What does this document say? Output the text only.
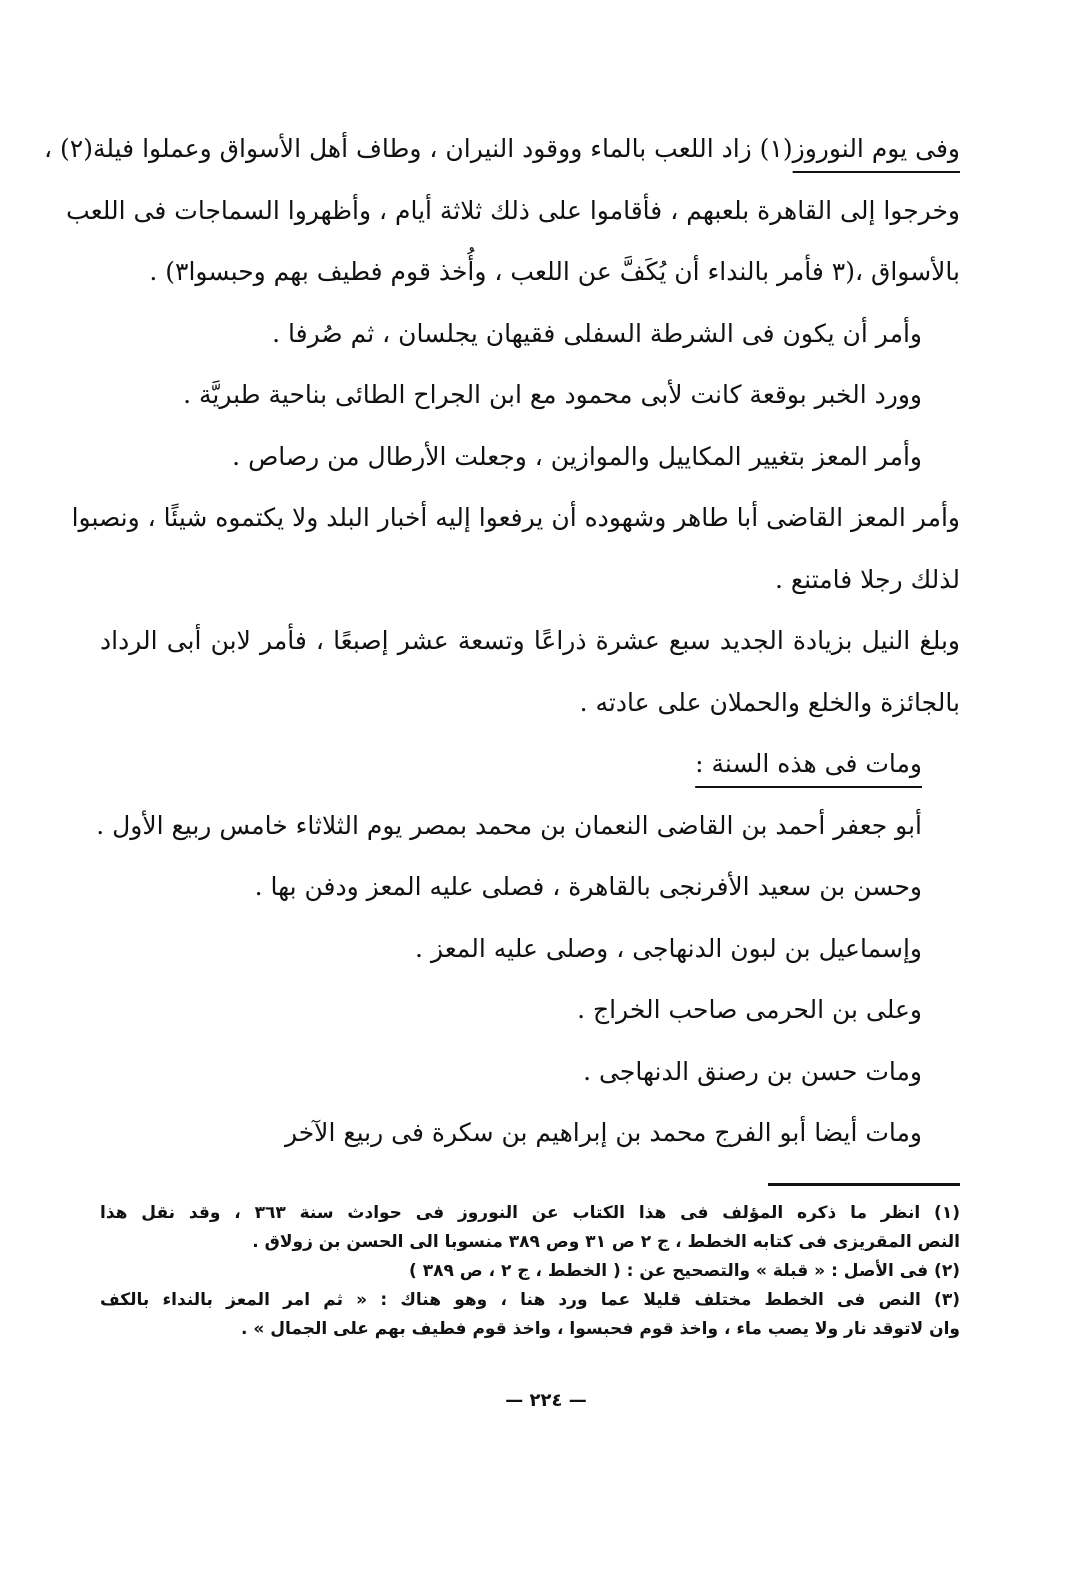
وفى يوم النوروز(١) زاد اللعب بالماء ووقود النيران ، وطاف أهل الأسواق وعملوا فيلة(٢) ،
وخرجوا إلى القاهرة بلعبهم ، فأقاموا على ذلك ثلاثة أيام ، وأظهروا السماجات فى اللعب
بالأسواق ،(٣ فأمر بالنداء أن يُكَفَّ عن اللعب ، وأُخذ قوم فطيف بهم وحبسوا٣) .
وأمر أن يكون فى الشرطة السفلى فقيهان يجلسان ، ثم صُرفا .
وورد الخبر بوقعة كانت لأبى محمود مع ابن الجراح الطائى بناحية طبريَّة .
وأمر المعز بتغيير المكاييل والموازين ، وجعلت الأرطال من رصاص .
وأمر المعز القاضى أبا طاهر وشهوده أن يرفعوا إليه أخبار البلد ولا يكتموه شيئًا ، ونصبوا
لذلك رجلا فامتنع .
وبلغ النيل بزيادة الجديد سبع عشرة ذراعًا وتسعة عشر إصبعًا ، فأمر لابن أبى الرداد
بالجائزة والخلع والحملان على عادته .
ومات فى هذه السنة :
أبو جعفر أحمد بن القاضى النعمان بن محمد بمصر يوم الثلاثاء خامس ربيع الأول .
وحسن بن سعيد الأفرنجى بالقاهرة ، فصلى عليه المعز ودفن بها .
وإسماعيل بن لبون الدنهاجى ، وصلى عليه المعز .
وعلى بن الحرمى صاحب الخراج .
ومات حسن بن رصنق الدنهاجى .
ومات أيضا أبو الفرج محمد بن إبراهيم بن سكرة فى ربيع الآخر
(١) انظر ما ذكره المؤلف فى هذا الكتاب عن النوروز فى حوادث سنة ٣٦٣ ، وقد نقل هذا
النص المقريزى فى كتابه الخطط ، ج ٢ ص ٣١ وص ٣٨٩ منسوبا الى الحسن بن زولاق .
(٢) فى الأصل : « قبلة » والتصحيح عن : ( الخطط ، ج ٢ ، ص ٣٨٩ )
(٣) النص فى الخطط مختلف قليلا عما ورد هنا ، وهو هناك : « ثم امر المعز بالنداء بالكف
وان لاتوقد نار ولا يصب ماء ، واخذ قوم فحبسوا ، واخذ قوم فطيف بهم على الجمال » .
— ٢٢٤ —
